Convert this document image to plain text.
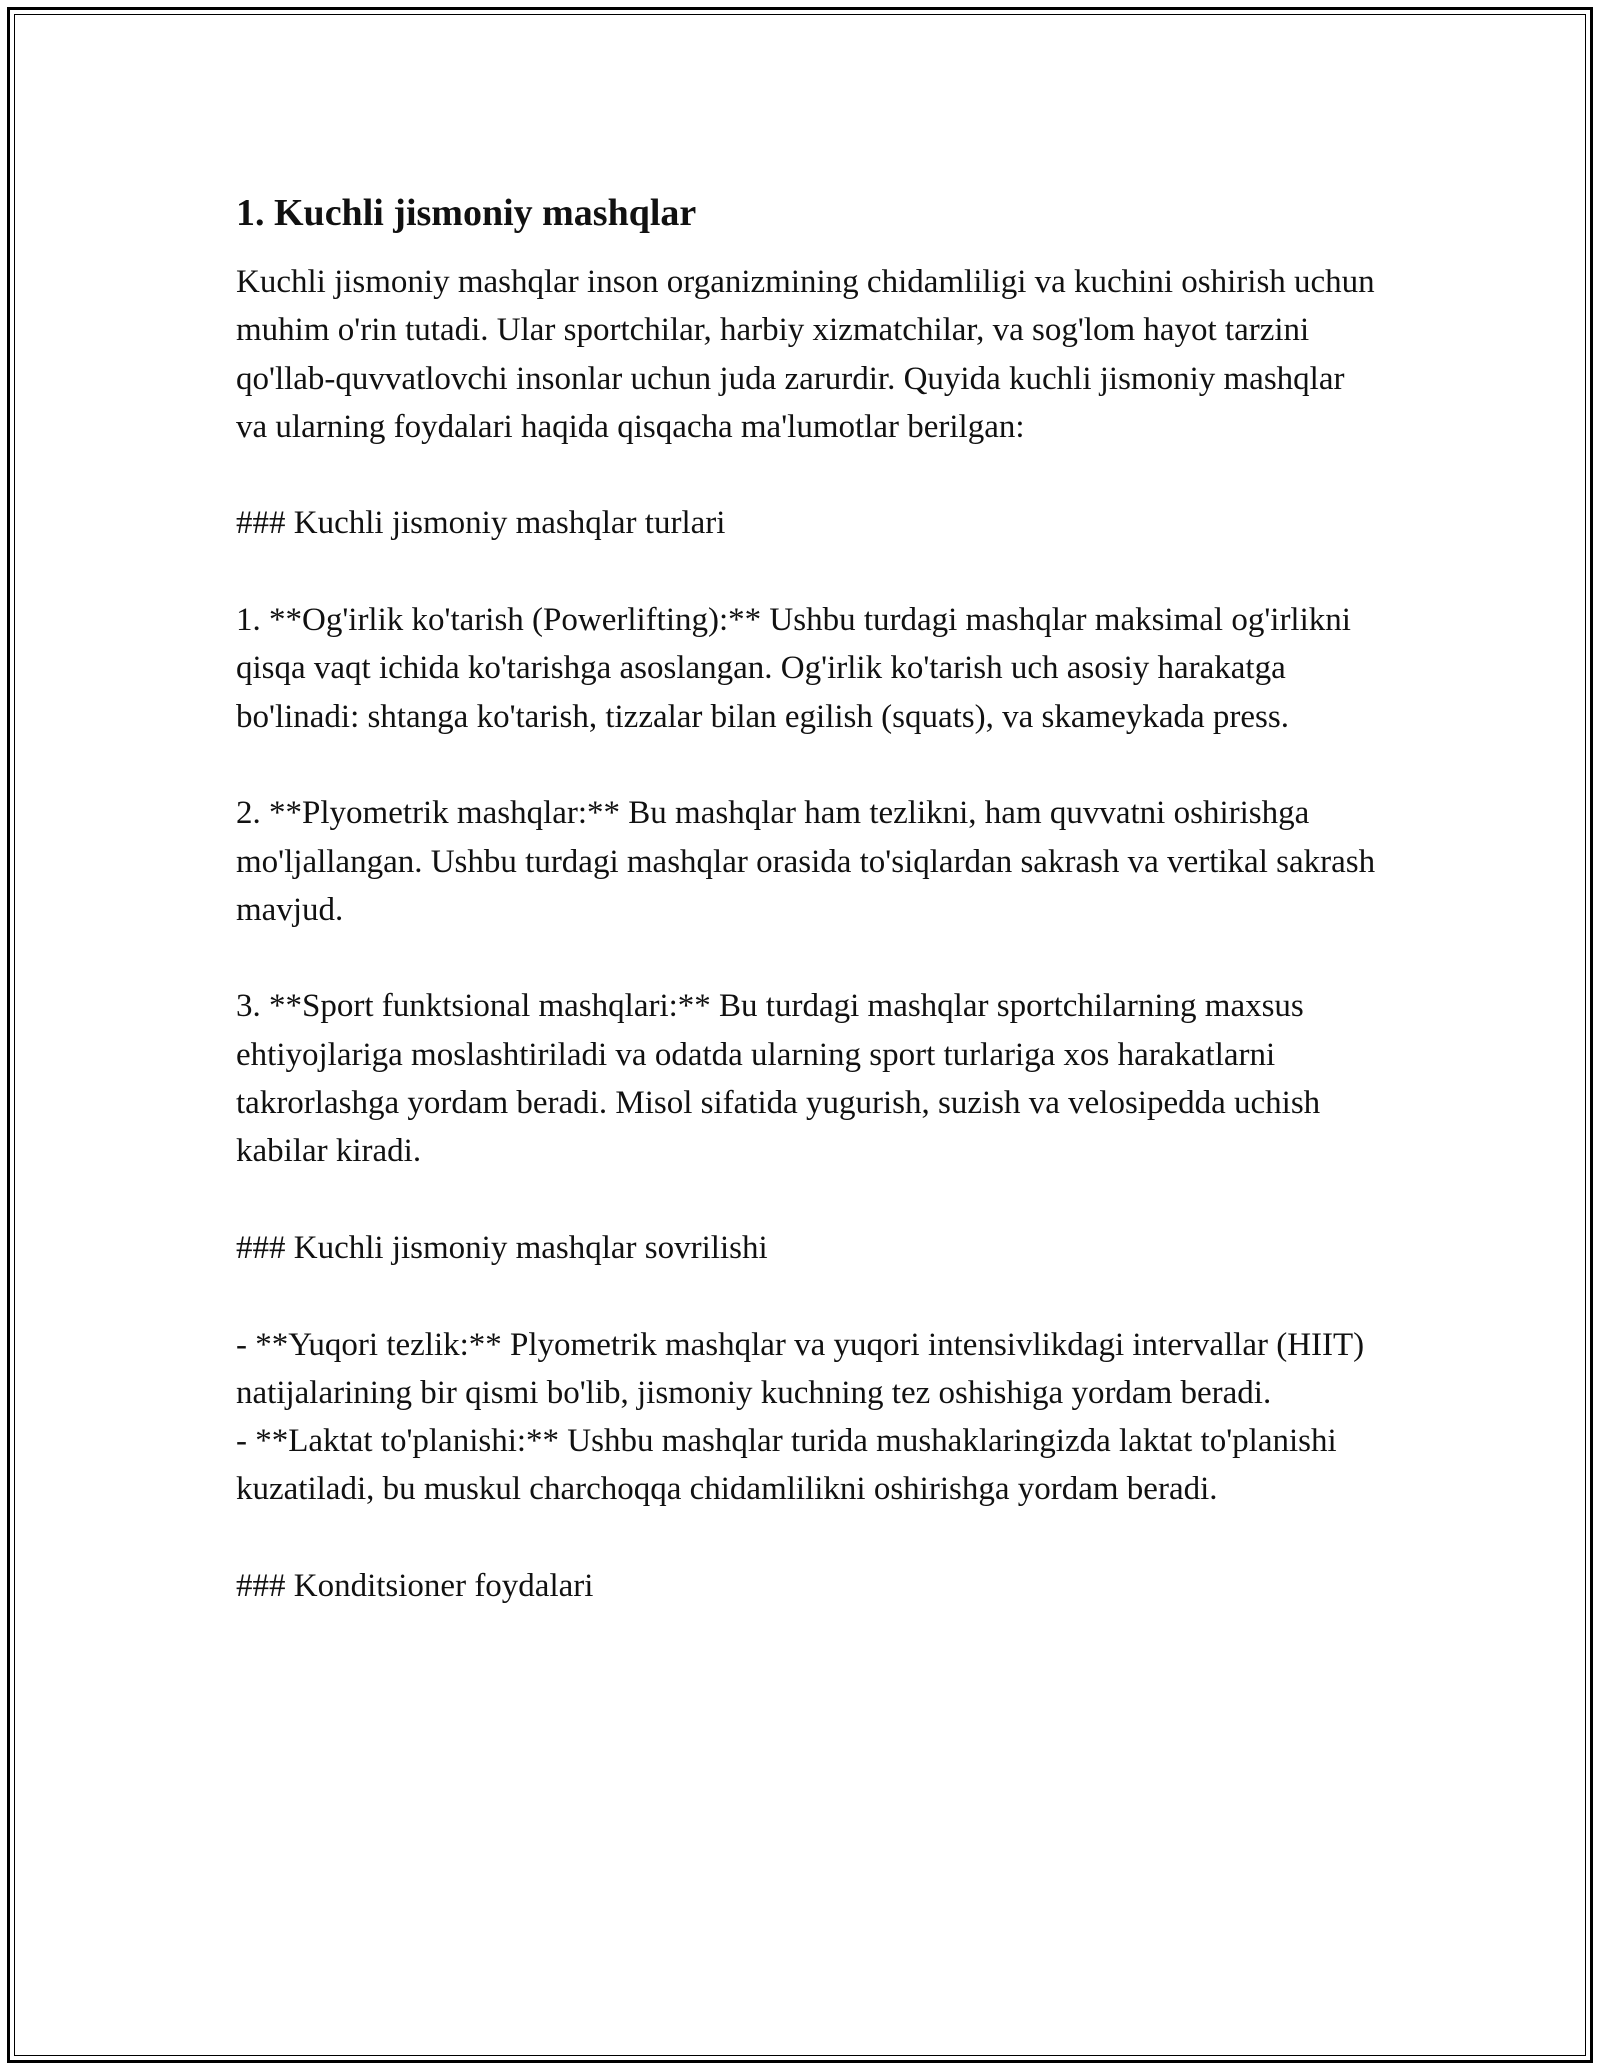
1. Kuchli jismoniy mashqlar

Kuchli jismoniy mashqlar inson organizmining chidamliligi va kuchini oshirish uchun muhim o'rin tutadi. Ular sportchilar, harbiy xizmatchilar, va sog'lom hayot tarzini qo'llab-quvvatlovchi insonlar uchun juda zarurdir. Quyida kuchli jismoniy mashqlar va ularning foydalari haqida qisqacha ma'lumotlar berilgan:

### Kuchli jismoniy mashqlar turlari

1. **Og'irlik ko'tarish (Powerlifting):** Ushbu turdagi mashqlar maksimal og'irlikni qisqa vaqt ichida ko'tarishga asoslangan. Og'irlik ko'tarish uch asosiy harakatga bo'linadi: shtanga ko'tarish, tizzalar bilan egilish (squats), va skameykada press.

2. **Plyometrik mashqlar:** Bu mashqlar ham tezlikni, ham quvvatni oshirishga mo'ljallangan. Ushbu turdagi mashqlar orasida to'siqlardan sakrash va vertikal sakrash mavjud.

3. **Sport funktsional mashqlari:** Bu turdagi mashqlar sportchilarning maxsus ehtiyojlariga moslashtiriladi va odatda ularning sport turlariga xos harakatlarni takrorlashga yordam beradi. Misol sifatida yugurish, suzish va velosipedda uchish kabilar kiradi.

### Kuchli jismoniy mashqlar sovrilishi

- **Yuqori tezlik:** Plyometrik mashqlar va yuqori intensivlikdagi intervallar (HIIT) natijalarining bir qismi bo'lib, jismoniy kuchning tez oshishiga yordam beradi.

- **Laktat to'planishi:** Ushbu mashqlar turida mushaklaringizda laktat to'planishi kuzatiladi, bu muskul charchoqqa chidamlilikni oshirishga yordam beradi.

### Konditsioner foydalari
